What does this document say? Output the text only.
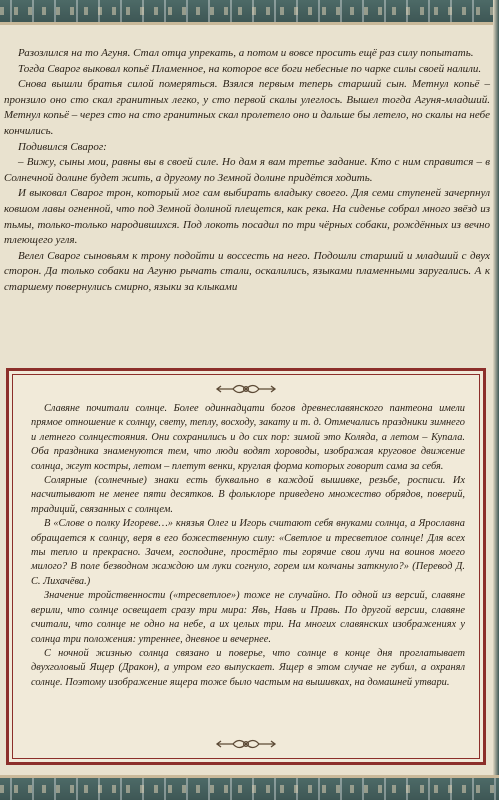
Разозлился на то Агуня. Стал отца упрекать, а потом и вовсе просить ещё раз силу попытать.

Тогда Сварог выковал копьё Пламенное, на которое все боги небесные по чарке силы своей налили.

Снова вышли братья силой померяться. Взялся первым теперь старший сын. Метнул копьё – пронзило оно сто скал гранитных легко, у сто первой скалы улеглось. Вышел тогда Агуня-младший. Метнул копьё – через сто на сто гранитных скал пролетело оно и дальше бы летело, но скалы на небе кончились.

Подивился Сварог:

– Вижу, сыны мои, равны вы в своей силе. Но дам я вам третье задание. Кто с ним справится – в Солнечной долине будет жить, а другому по Земной долине придётся ходить.

И выковал Сварог трон, который мог сам выбирать владыку своего. Для семи ступеней зачерпнул ковшом лавы огненной, что под Земной долиной плещется, как река. На сиденье собрал много звёзд из тьмы, только-только народившихся. Под локоть посадил по три чёрных собаки, рождённых из вечно тлеющего угля.

Велел Сварог сыновьям к трону подойти и воссесть на него. Подошли старший и младший с двух сторон. Да только собаки на Агуню рычать стали, оскалились, языками пламенными заругались. А к старшему повернулись смирно, языки за клыками

Славяне почитали солнце. Более одиннадцати богов древнеславянского пантеона имели прямое отношение к солнцу, свету, теплу, восходу, закату и т. д. Отмечались праздники зимнего и летнего солнцестояния. Они сохранились и до сих пор: зимой это Коляда, а летом – Купала. Оба праздника знаменуются тем, что люди водят хороводы, изображая круговое движение солнца, жгут костры, летом – плетут венки, круглая форма которых говорит сама за себя.

Солярные (солнечные) знаки есть буквально в каждой вышивке, резьбе, росписи. Их насчитывают не менее пяти десятков. В фольклоре приведено множество обрядов, поверий, традиций, связанных с солнцем.

В «Слове о полку Игореве…» князья Олег и Игорь считают себя внуками солнца, а Ярославна обращается к солнцу, веря в его божественную силу: «Светлое и тресветлое солнце! Для всех ты тепло и прекрасно. Зачем, господине, простёрло ты горячие свои лучи на воинов моего милого? В поле безводном жаждою им луки согнуло, горем им колчаны заткнуло?» (Перевод Д. С. Лихачёва.)

Значение тройственности («тресветлое») тоже не случайно. По одной из версий, славяне верили, что солнце освещает сразу три мира: Явь, Навь и Правь. По другой версии, славяне считали, что солнце не одно на небе, а их целых три. На многих славянских изображениях у солнца три положения: утреннее, дневное и вечернее.

С ночной жизнью солнца связано и поверье, что солнце в конце дня проглатывает двухголовый Ящер (Дракон), а утром его выпускает. Ящер в этом случае не губил, а охранял солнце. Поэтому изображение ящера тоже было частым на вышивках, на домашней утвари.
